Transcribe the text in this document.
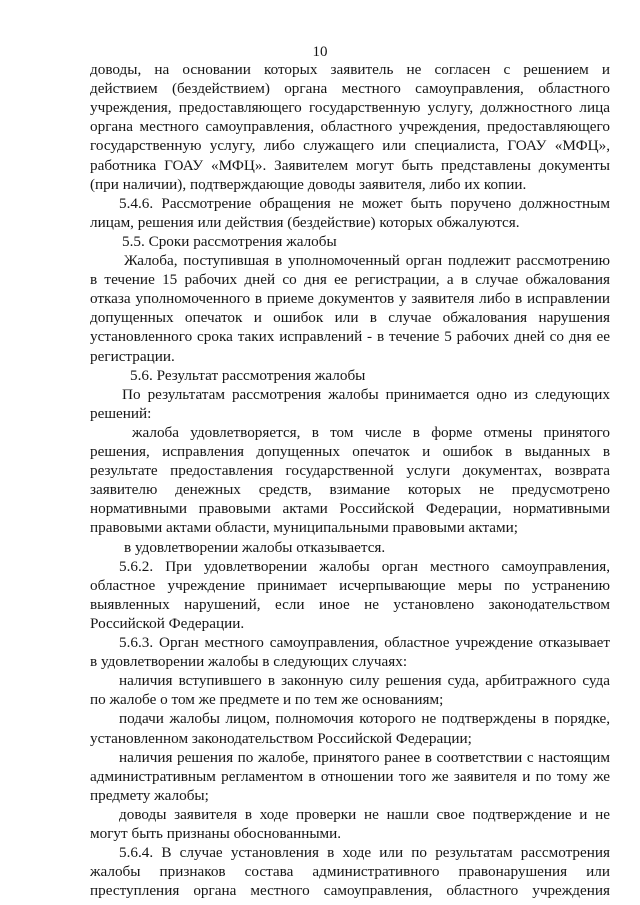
10
доводы, на основании которых заявитель не согласен с решением и
действием (бездействием) органа местного самоуправления, областного
учреждения, предоставляющего государственную услугу, должностного лица
органа местного самоуправления, областного учреждения, предоставляющего
государственную услугу, либо служащего или специалиста, ГОАУ «МФЦ»,
работника ГОАУ «МФЦ». Заявителем могут быть представлены документы
(при наличии), подтверждающие доводы заявителя, либо их копии.
5.4.6. Рассмотрение обращения не может быть поручено должностным
лицам, решения или действия (бездействие) которых обжалуются.
5.5. Сроки рассмотрения жалобы
Жалоба, поступившая в уполномоченный орган подлежит рассмотрению
в течение 15 рабочих дней со дня ее регистрации, а в случае обжалования
отказа уполномоченного в приеме документов у заявителя либо в исправлении
допущенных опечаток и ошибок или в случае обжалования нарушения
установленного срока таких исправлений - в течение 5 рабочих дней со дня ее
регистрации.
5.6. Результат рассмотрения жалобы
По результатам рассмотрения жалобы принимается одно из следующих
решений:
жалоба удовлетворяется, в том числе в форме отмены принятого
решения, исправления допущенных опечаток и ошибок в выданных в
результате предоставления государственной услуги документах, возврата
заявителю денежных средств, взимание которых не предусмотрено
нормативными правовыми актами Российской Федерации, нормативными
правовыми актами области, муниципальными правовыми актами;
в удовлетворении жалобы отказывается.
5.6.2. При удовлетворении жалобы орган местного самоуправления,
областное учреждение принимает исчерпывающие меры по устранению
выявленных нарушений, если иное не установлено законодательством
Российской Федерации.
5.6.3. Орган местного самоуправления, областное учреждение отказывает
в удовлетворении жалобы в следующих случаях:
наличия вступившего в законную силу решения суда, арбитражного суда
по жалобе о том же предмете и по тем же основаниям;
подачи жалобы лицом, полномочия которого не подтверждены в порядке,
установленном законодательством Российской Федерации;
наличия решения по жалобе, принятого ранее в соответствии с настоящим
административным регламентом в отношении того же заявителя и по тому же
предмету жалобы;
доводы заявителя в ходе проверки не нашли свое подтверждение и не
могут быть признаны обоснованными.
5.6.4. В случае установления в ходе или по результатам рассмотрения
жалобы признаков состава административного правонарушения или
преступления органа местного самоуправления, областного учреждения
